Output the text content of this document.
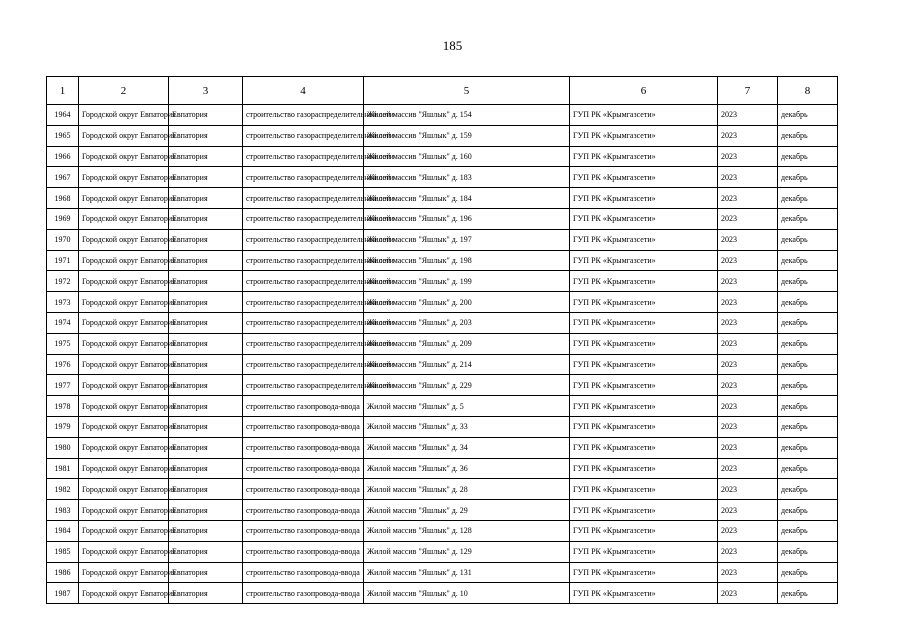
185
1	2	3	4	5	6	7	8
1964	Городской округ Евпатория	Евпатория	строительство газораспределительной сети	Жилой массив "Яшлык" д. 154	ГУП РК «Крымгазсети»	2023	декабрь
1965	Городской округ Евпатория	Евпатория	строительство газораспределительной сети	Жилой массив "Яшлык" д. 159	ГУП РК «Крымгазсети»	2023	декабрь
1966	Городской округ Евпатория	Евпатория	строительство газораспределительной сети	Жилой массив "Яшлык" д. 160	ГУП РК «Крымгазсети»	2023	декабрь
1967	Городской округ Евпатория	Евпатория	строительство газораспределительной сети	Жилой массив "Яшлык" д. 183	ГУП РК «Крымгазсети»	2023	декабрь
1968	Городской округ Евпатория	Евпатория	строительство газораспределительной сети	Жилой массив "Яшлык" д. 184	ГУП РК «Крымгазсети»	2023	декабрь
1969	Городской округ Евпатория	Евпатория	строительство газораспределительной сети	Жилой массив "Яшлык" д. 196	ГУП РК «Крымгазсети»	2023	декабрь
1970	Городской округ Евпатория	Евпатория	строительство газораспределительной сети	Жилой массив "Яшлык" д. 197	ГУП РК «Крымгазсети»	2023	декабрь
1971	Городской округ Евпатория	Евпатория	строительство газораспределительной сети	Жилой массив "Яшлык" д. 198	ГУП РК «Крымгазсети»	2023	декабрь
1972	Городской округ Евпатория	Евпатория	строительство газораспределительной сети	Жилой массив "Яшлык" д. 199	ГУП РК «Крымгазсети»	2023	декабрь
1973	Городской округ Евпатория	Евпатория	строительство газораспределительной сети	Жилой массив "Яшлык" д. 200	ГУП РК «Крымгазсети»	2023	декабрь
1974	Городской округ Евпатория	Евпатория	строительство газораспределительной сети	Жилой массив "Яшлык" д. 203	ГУП РК «Крымгазсети»	2023	декабрь
1975	Городской округ Евпатория	Евпатория	строительство газораспределительной сети	Жилой массив "Яшлык" д. 209	ГУП РК «Крымгазсети»	2023	декабрь
1976	Городской округ Евпатория	Евпатория	строительство газораспределительной сети	Жилой массив "Яшлык" д. 214	ГУП РК «Крымгазсети»	2023	декабрь
1977	Городской округ Евпатория	Евпатория	строительство газораспределительной сети	Жилой массив "Яшлык" д. 229	ГУП РК «Крымгазсети»	2023	декабрь
1978	Городской округ Евпатория	Евпатория	строительство газопровода-ввода	Жилой массив "Яшлык" д. 5	ГУП РК «Крымгазсети»	2023	декабрь
1979	Городской округ Евпатория	Евпатория	строительство газопровода-ввода	Жилой массив "Яшлык" д. 33	ГУП РК «Крымгазсети»	2023	декабрь
1980	Городской округ Евпатория	Евпатория	строительство газопровода-ввода	Жилой массив "Яшлык" д. 34	ГУП РК «Крымгазсети»	2023	декабрь
1981	Городской округ Евпатория	Евпатория	строительство газопровода-ввода	Жилой массив "Яшлык" д. 36	ГУП РК «Крымгазсети»	2023	декабрь
1982	Городской округ Евпатория	Евпатория	строительство газопровода-ввода	Жилой массив "Яшлык" д. 28	ГУП РК «Крымгазсети»	2023	декабрь
1983	Городской округ Евпатория	Евпатория	строительство газопровода-ввода	Жилой массив "Яшлык" д. 29	ГУП РК «Крымгазсети»	2023	декабрь
1984	Городской округ Евпатория	Евпатория	строительство газопровода-ввода	Жилой массив "Яшлык" д. 128	ГУП РК «Крымгазсети»	2023	декабрь
1985	Городской округ Евпатория	Евпатория	строительство газопровода-ввода	Жилой массив "Яшлык" д. 129	ГУП РК «Крымгазсети»	2023	декабрь
1986	Городской округ Евпатория	Евпатория	строительство газопровода-ввода	Жилой массив "Яшлык" д. 131	ГУП РК «Крымгазсети»	2023	декабрь
1987	Городской округ Евпатория	Евпатория	строительство газопровода-ввода	Жилой массив "Яшлык" д. 10	ГУП РК «Крымгазсети»	2023	декабрь
